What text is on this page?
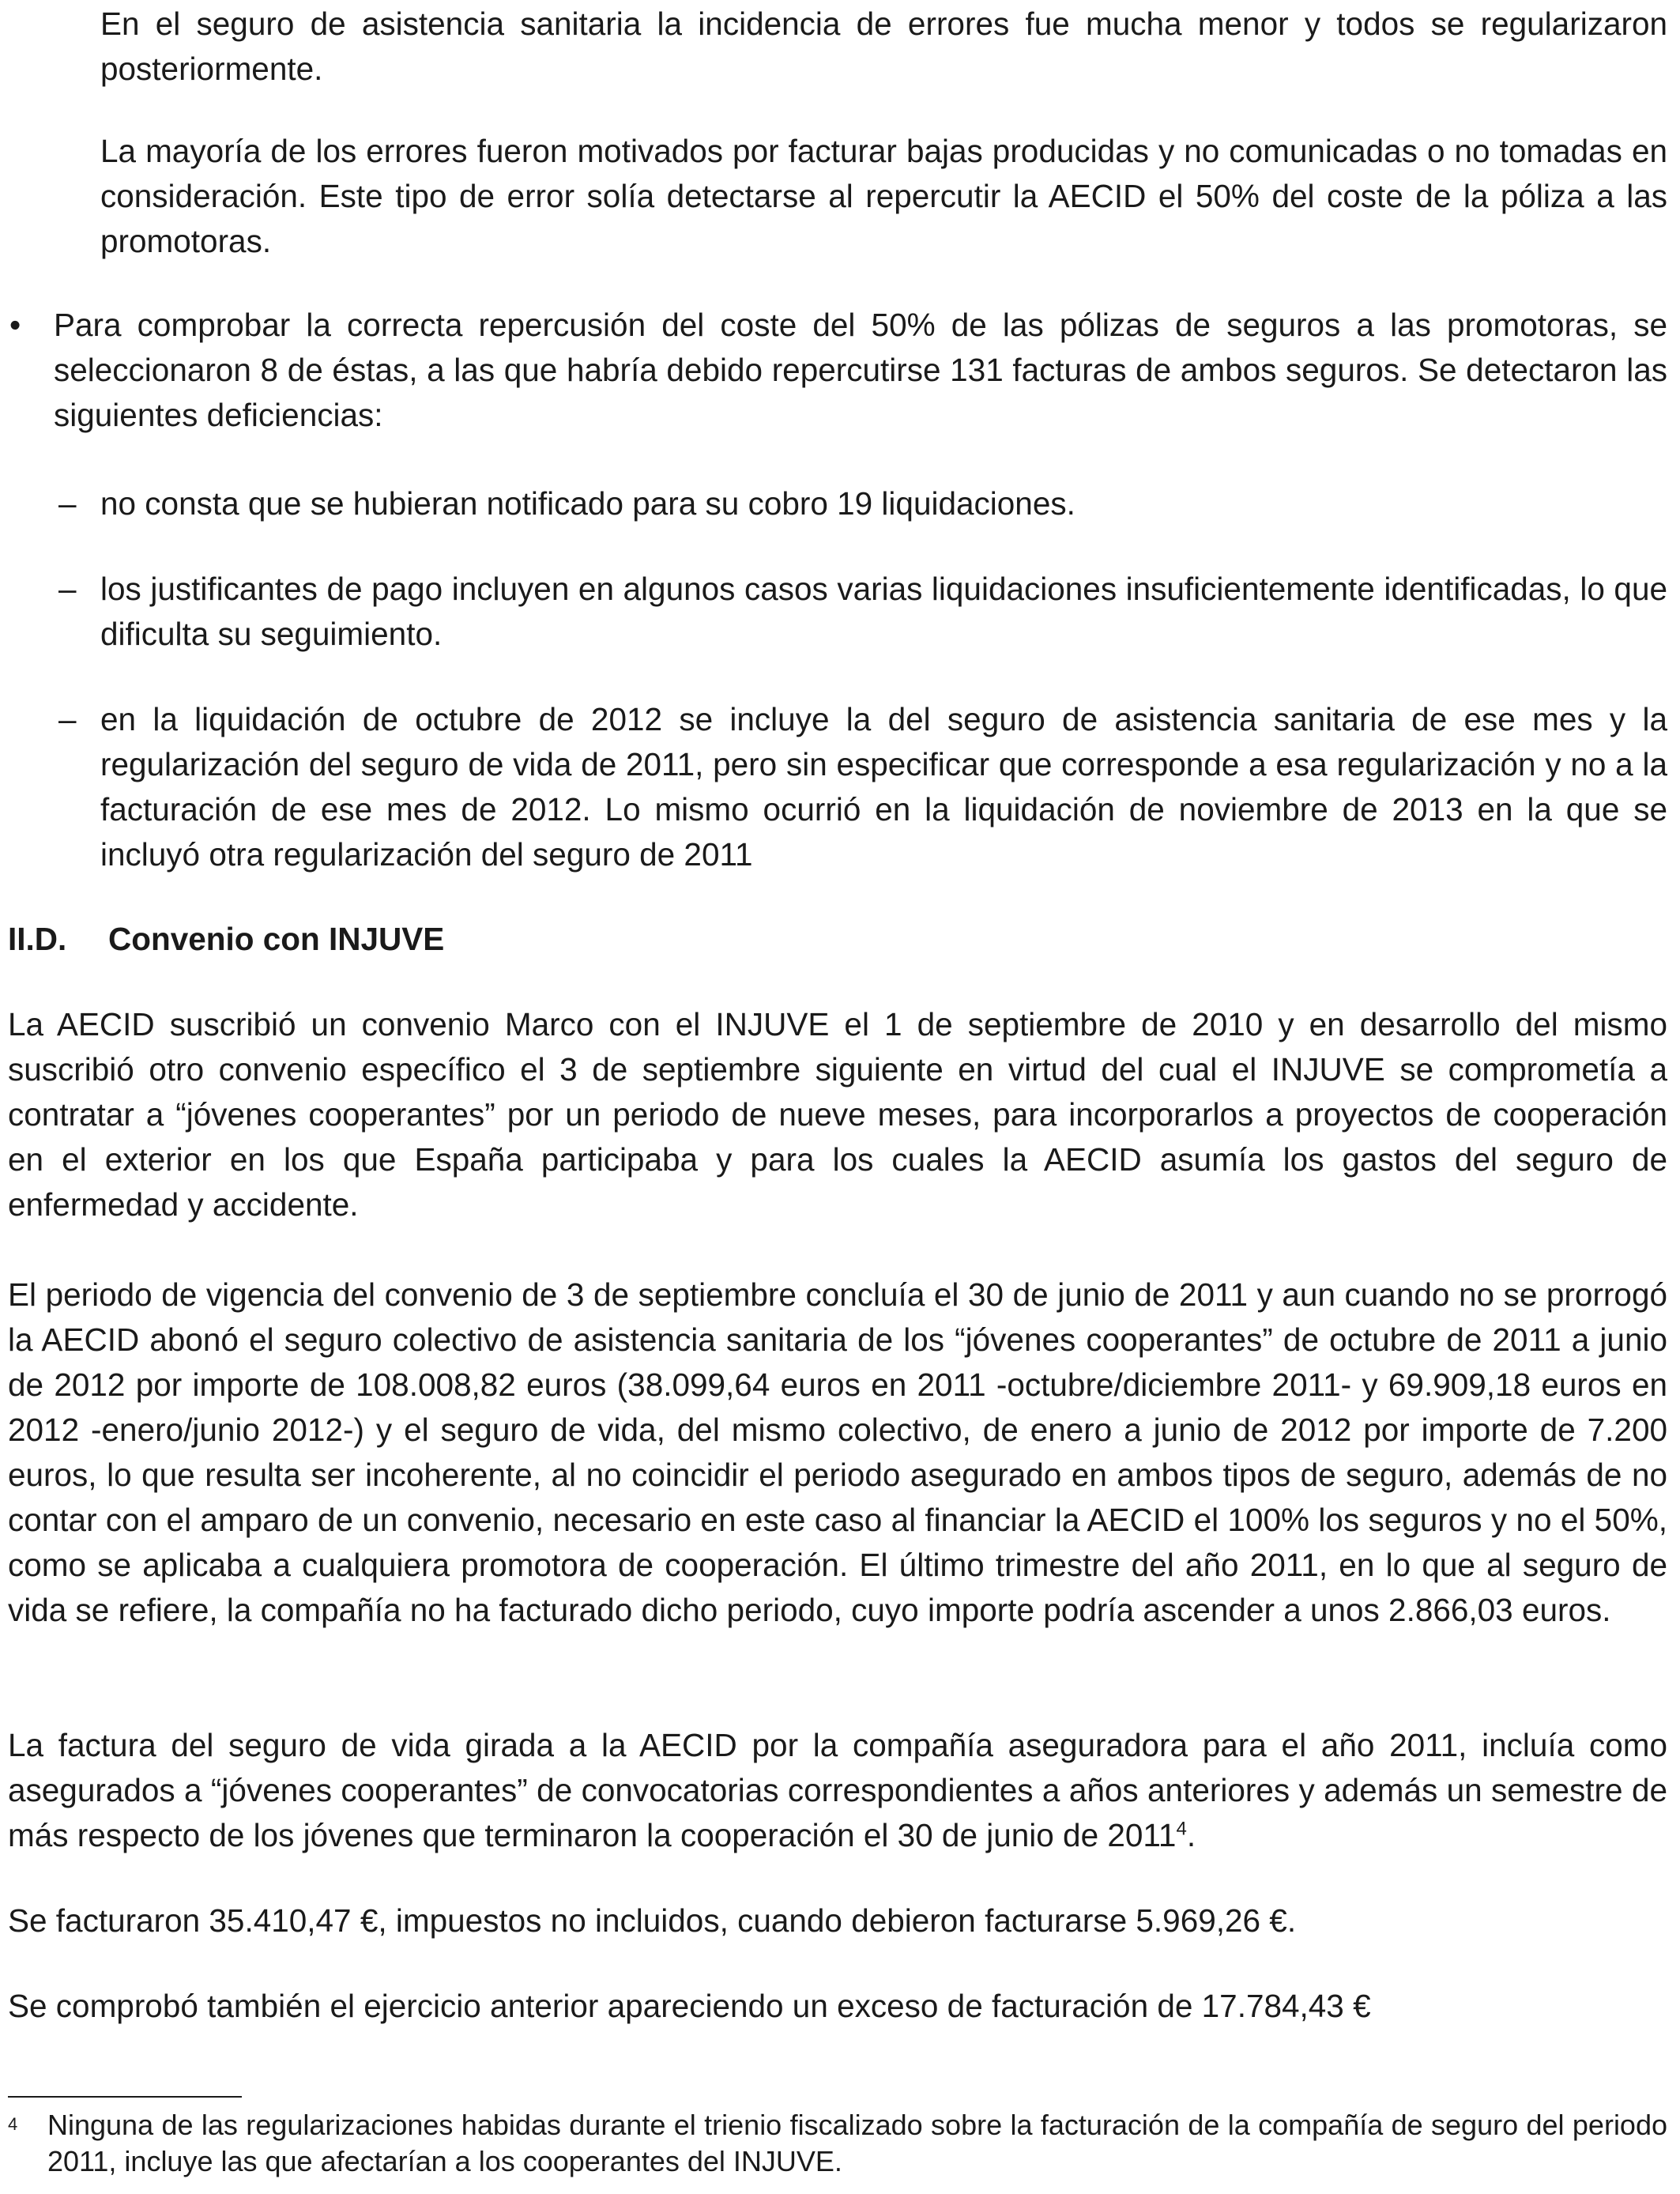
En el seguro de asistencia sanitaria la incidencia de errores fue mucha menor y todos se regularizaron posteriormente.

La mayoría de los errores fueron motivados por facturar bajas producidas y no comunicadas o no tomadas en consideración. Este tipo de error solía detectarse al repercutir la AECID el 50% del coste de la póliza a las promotoras.

• Para comprobar la correcta repercusión del coste del 50% de las pólizas de seguros a las promotoras, se seleccionaron 8 de éstas, a las que habría debido repercutirse 131 facturas de ambos seguros. Se detectaron las siguientes deficiencias:

– no consta que se hubieran notificado para su cobro 19 liquidaciones.

– los justificantes de pago incluyen en algunos casos varias liquidaciones insuficientemente identificadas, lo que dificulta su seguimiento.

– en la liquidación de octubre de 2012 se incluye la del seguro de asistencia sanitaria de ese mes y la regularización del seguro de vida de 2011, pero sin especificar que corresponde a esa regularización y no a la facturación de ese mes de 2012. Lo mismo ocurrió en la liquidación de noviembre de 2013 en la que se incluyó otra regularización del seguro de 2011

II.D. Convenio con INJUVE

La AECID suscribió un convenio Marco con el INJUVE el 1 de septiembre de 2010 y en desarrollo del mismo suscribió otro convenio específico el 3 de septiembre siguiente en virtud del cual el INJUVE se comprometía a contratar a “jóvenes cooperantes” por un periodo de nueve meses, para incorporarlos a proyectos de cooperación en el exterior en los que España participaba y para los cuales la AECID asumía los gastos del seguro de enfermedad y accidente.

El periodo de vigencia del convenio de 3 de septiembre concluía el 30 de junio de 2011 y aun cuando no se prorrogó la AECID abonó el seguro colectivo de asistencia sanitaria de los “jóvenes cooperantes” de octubre de 2011 a junio de 2012 por importe de 108.008,82 euros (38.099,64 euros en 2011 -octubre/diciembre 2011- y 69.909,18 euros en 2012 -enero/junio 2012-) y el seguro de vida, del mismo colectivo, de enero a junio de 2012 por importe de 7.200 euros, lo que resulta ser incoherente, al no coincidir el periodo asegurado en ambos tipos de seguro, además de no contar con el amparo de un convenio, necesario en este caso al financiar la AECID el 100% los seguros y no el 50%, como se aplicaba a cualquiera promotora de cooperación. El último trimestre del año 2011, en lo que al seguro de vida se refiere, la compañía no ha facturado dicho periodo, cuyo importe podría ascender a unos 2.866,03 euros.

La factura del seguro de vida girada a la AECID por la compañía aseguradora para el año 2011, incluía como asegurados a “jóvenes cooperantes” de convocatorias correspondientes a años anteriores y además un semestre de más respecto de los jóvenes que terminaron la cooperación el 30 de junio de 2011$^4$.

Se facturaron 35.410,47 €, impuestos no incluidos, cuando debieron facturarse 5.969,26 €.

Se comprobó también el ejercicio anterior apareciendo un exceso de facturación de 17.784,43 €

4 Ninguna de las regularizaciones habidas durante el trienio fiscalizado sobre la facturación de la compañía de seguro del periodo 2011, incluye las que afectarían a los cooperantes del INJUVE.
